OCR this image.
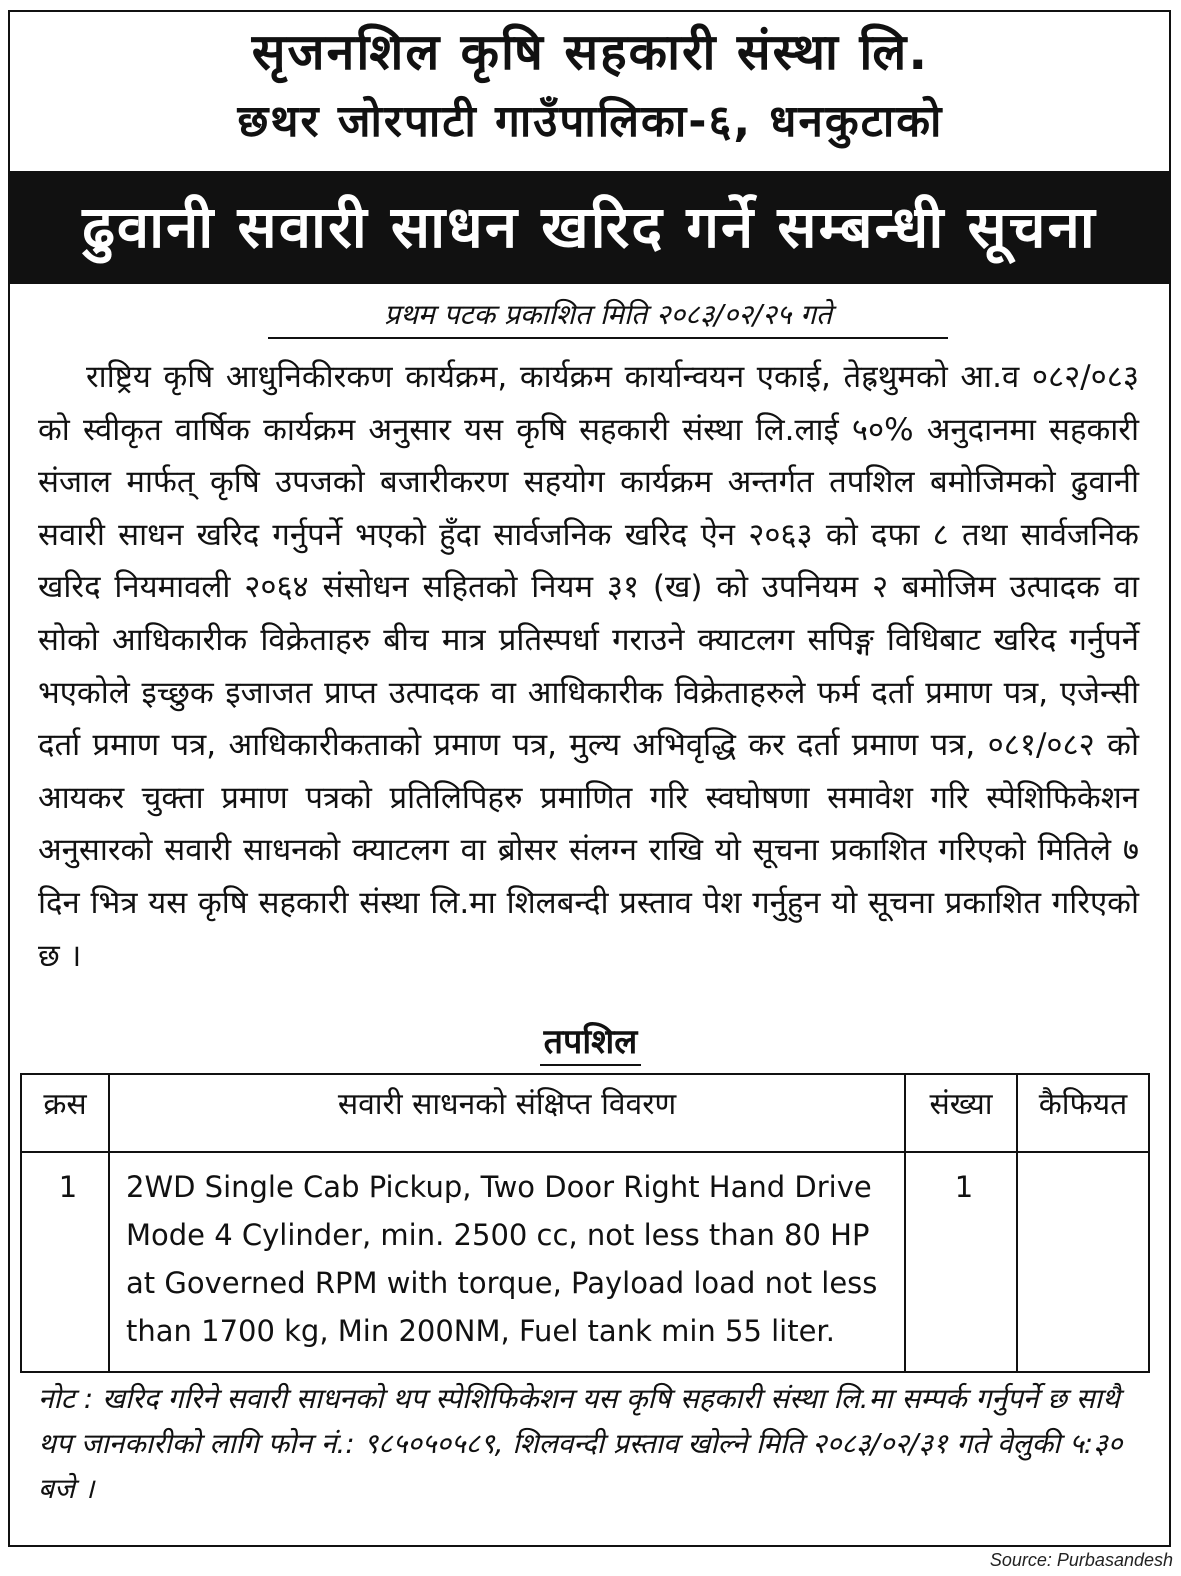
सृजनशिल कृषि सहकारी संस्था लि.
छथर जोरपाटी गाउँपालिका-६, धनकुटाको
ढुवानी सवारी साधन खरिद गर्ने सम्बन्धी सूचना
प्रथम पटक प्रकाशित मिति २०८३/०२/२५ गते

राष्ट्रिय कृषि आधुनिकीरकण कार्यक्रम, कार्यक्रम कार्यान्वयन एकाई, तेह्रथुमको आ.व ०८२/०८३ को स्वीकृत वार्षिक कार्यक्रम अनुसार यस कृषि सहकारी संस्था लि.लाई ५०% अनुदानमा सहकारी संजाल मार्फत् कृषि उपजको बजारीकरण सहयोग कार्यक्रम अन्तर्गत तपशिल बमोजिमको ढुवानी सवारी साधन खरिद गर्नुपर्ने भएको हुँदा सार्वजनिक खरिद ऐन २०६३ को दफा ८ तथा सार्वजनिक खरिद नियमावली २०६४ संसोधन सहितको नियम ३१ (ख) को उपनियम २ बमोजिम उत्पादक वा सोको आधिकारीक विक्रेताहरु बीच मात्र प्रतिस्पर्धा गराउने क्याटलग सपिङ्ग विधिबाट खरिद गर्नुपर्ने भएकोले इच्छुक इजाजत प्राप्त उत्पादक वा आधिकारीक विक्रेताहरुले फर्म दर्ता प्रमाण पत्र, एजेन्सी दर्ता प्रमाण पत्र, आधिकारीकताको प्रमाण पत्र, मुल्य अभिवृद्धि कर दर्ता प्रमाण पत्र, ०८१/०८२ को आयकर चुक्ता प्रमाण पत्रको प्रतिलिपिहरु प्रमाणित गरि स्वघोषणा समावेश गरि स्पेशिफिकेशन अनुसारको सवारी साधनको क्याटलग वा ब्रोसर संलग्न राखि यो सूचना प्रकाशित गरिएको मितिले ७ दिन भित्र यस कृषि सहकारी संस्था लि.मा शिलबन्दी प्रस्ताव पेश गर्नुहुन यो सूचना प्रकाशित गरिएको छ ।

तपशिल
क्रस	सवारी साधनको संक्षिप्त विवरण	संख्या	कैफियत
1	2WD Single Cab Pickup, Two Door Right Hand Drive Mode 4 Cylinder, min. 2500 cc, not less than 80 HP at Governed RPM with torque, Payload load not less than 1700 kg, Min 200NM, Fuel tank min 55 liter.	1	

नोट : खरिद गरिने सवारी साधनको थप स्पेशिफिकेशन यस कृषि सहकारी संस्था लि.मा सम्पर्क गर्नुपर्ने छ साथै थप जानकारीको लागि फोन नं.: ९८५०५०५८९, शिलवन्दी प्रस्ताव खोल्ने मिति २०८३/०२/३१ गते वेलुकी ५:३० बजे ।

Source: Purbasandesh
